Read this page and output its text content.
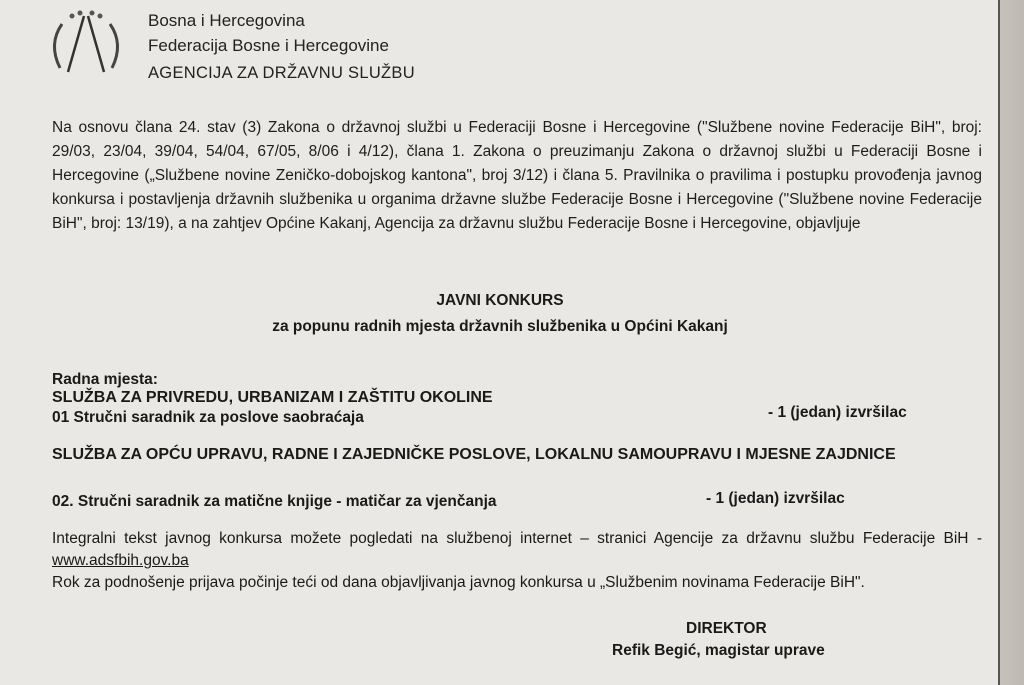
Bosna i Hercegovina
Federacija Bosne i Hercegovine
AGENCIJA ZA DRŽAVNU SLUŽBU
Na osnovu člana 24. stav (3) Zakona o državnoj službi u Federaciji Bosne i Hercegovine ("Službene novine Federacije BiH", broj: 29/03, 23/04, 39/04, 54/04, 67/05, 8/06 i 4/12), člana 1. Zakona o preuzimanju Zakona o državnoj službi u Federaciji Bosne i Hercegovine („Službene novine Zeničko-dobojskog kantona", broj 3/12) i člana 5. Pravilnika o pravilima i postupku provođenja javnog konkursa i postavljenja državnih službenika u organima državne službe Federacije Bosne i Hercegovine ("Službene novine Federacije BiH", broj: 13/19), a na zahtjev Općine Kakanj, Agencija za državnu službu Federacije Bosne i Hercegovine, objavljuje
JAVNI KONKURS
za popunu radnih mjesta državnih službenika u Općini Kakanj
Radna mjesta:
SLUŽBA ZA PRIVREDU, URBANIZAM I ZAŠTITU OKOLINE
01 Stručni saradnik za poslove saobraćaja	- 1 (jedan) izvršilac
SLUŽBA ZA OPĆU UPRAVU, RADNE I ZAJEDNIČKE POSLOVE, LOKALNU SAMOUPRAVU I MJESNE ZAJDNICE
02. Stručni saradnik za matične knjige - matičar za vjenčanja	- 1 (jedan) izvršilac
Integralni tekst javnog konkursa možete pogledati na službenoj internet – stranici Agencije za državnu službu Federacije BiH - www.adsfbih.gov.ba
Rok za podnošenje prijava počinje teći od dana objavljivanja javnog konkursa u „Službenim novinama Federacije BiH".
DIREKTOR
Refik Begić, magistar uprave
